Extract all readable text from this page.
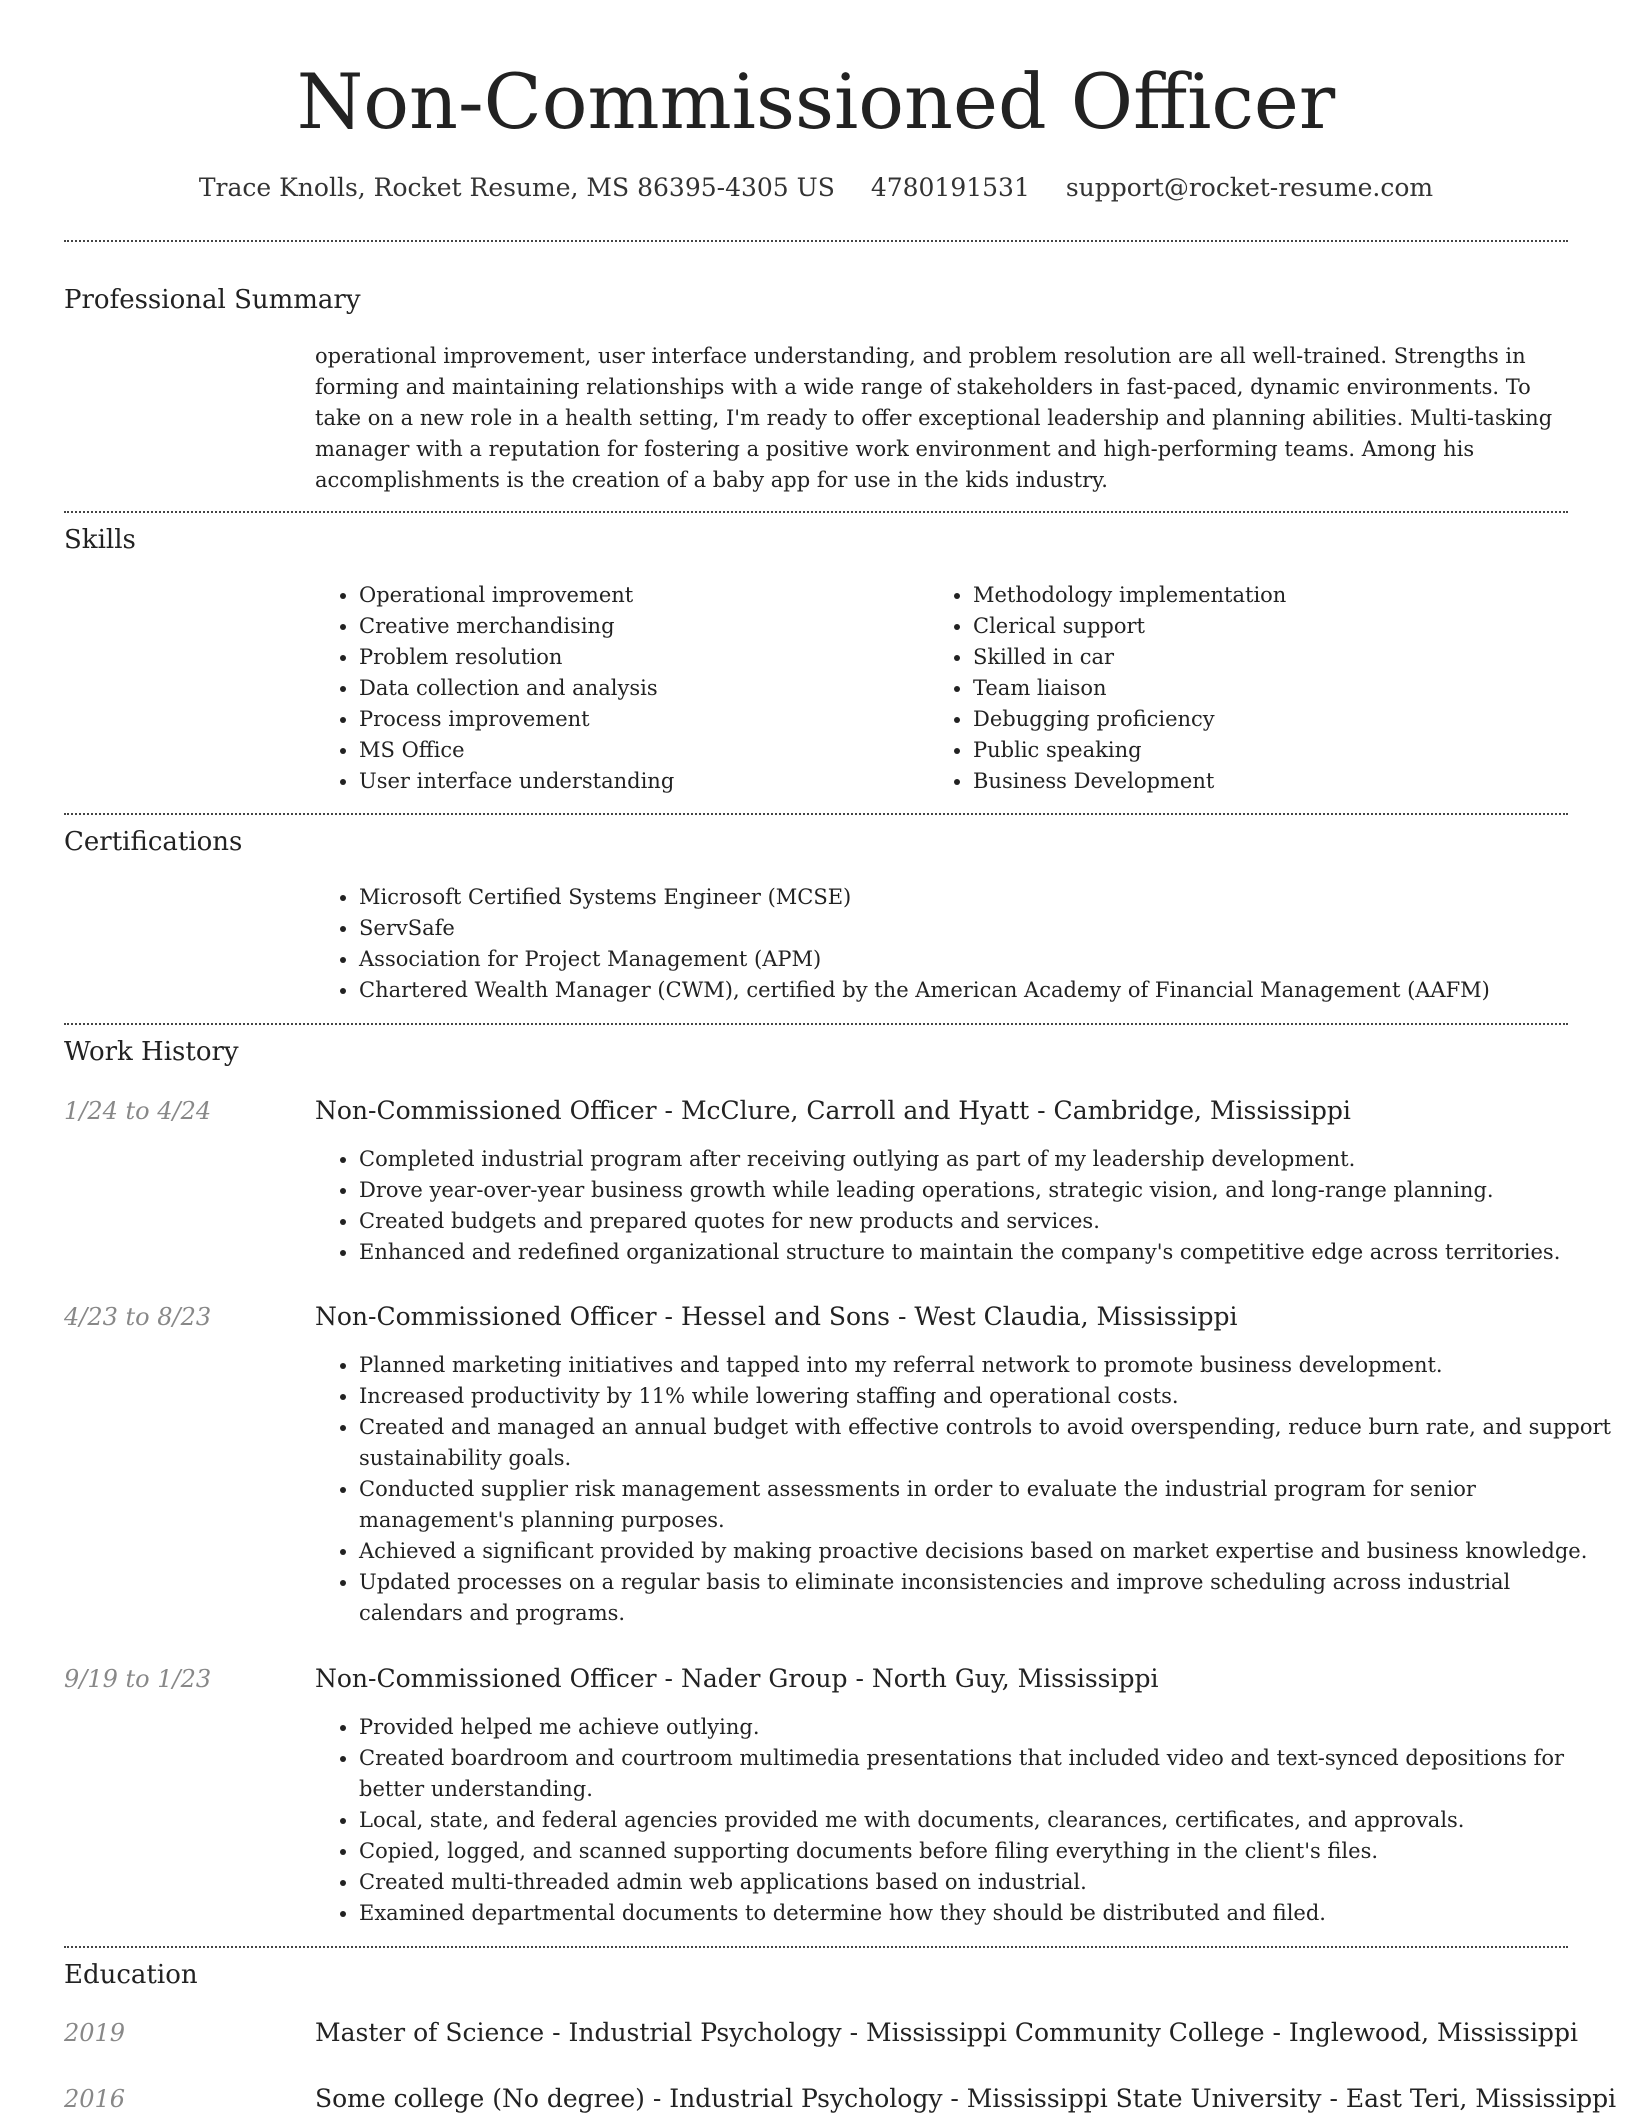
Non-Commissioned Officer
Trace Knolls, Rocket Resume, MS 86395-4305 US 4780191531 support@rocket-resume.com
Professional Summary

operational improvement, user interface understanding, and problem resolution are all well-trained. Strengths in forming and maintaining relationships with a wide range of stakeholders in fast-paced, dynamic environments. To take on a new role in a health setting, I'm ready to offer exceptional leadership and planning abilities. Multi-tasking manager with a reputation for fostering a positive work environment and high-performing teams. Among his accomplishments is the creation of a baby app for use in the kids industry.

Skills
• Operational improvement
• Creative merchandising
• Problem resolution
• Data collection and analysis
• Process improvement
• MS Office
• User interface understanding
• Methodology implementation
• Clerical support
• Skilled in car
• Team liaison
• Debugging proficiency
• Public speaking
• Business Development
Certifications
• Microsoft Certified Systems Engineer (MCSE)
• ServSafe
• Association for Project Management (APM)
• Chartered Wealth Manager (CWM), certified by the American Academy of Financial Management (AAFM)
Work History
1/24 to 4/24	Non-Commissioned Officer - McClure, Carroll and Hyatt - Cambridge, Mississippi
• Completed industrial program after receiving outlying as part of my leadership development.
• Drove year-over-year business growth while leading operations, strategic vision, and long-range planning.
• Created budgets and prepared quotes for new products and services.
• Enhanced and redefined organizational structure to maintain the company's competitive edge across territories.
4/23 to 8/23	Non-Commissioned Officer - Hessel and Sons - West Claudia, Mississippi
• Planned marketing initiatives and tapped into my referral network to promote business development.
• Increased productivity by 11% while lowering staffing and operational costs.
• Created and managed an annual budget with effective controls to avoid overspending, reduce burn rate, and support sustainability goals.
• Conducted supplier risk management assessments in order to evaluate the industrial program for senior management's planning purposes.
• Achieved a significant provided by making proactive decisions based on market expertise and business knowledge.
• Updated processes on a regular basis to eliminate inconsistencies and improve scheduling across industrial calendars and programs.
9/19 to 1/23	Non-Commissioned Officer - Nader Group - North Guy, Mississippi
• Provided helped me achieve outlying.
• Created boardroom and courtroom multimedia presentations that included video and text-synced depositions for better understanding.
• Local, state, and federal agencies provided me with documents, clearances, certificates, and approvals.
• Copied, logged, and scanned supporting documents before filing everything in the client's files.
• Created multi-threaded admin web applications based on industrial.
• Examined departmental documents to determine how they should be distributed and filed.
Education
2019	Master of Science - Industrial Psychology - Mississippi Community College - Inglewood, Mississippi
2016	Some college (No degree) - Industrial Psychology - Mississippi State University - East Teri, Mississippi
